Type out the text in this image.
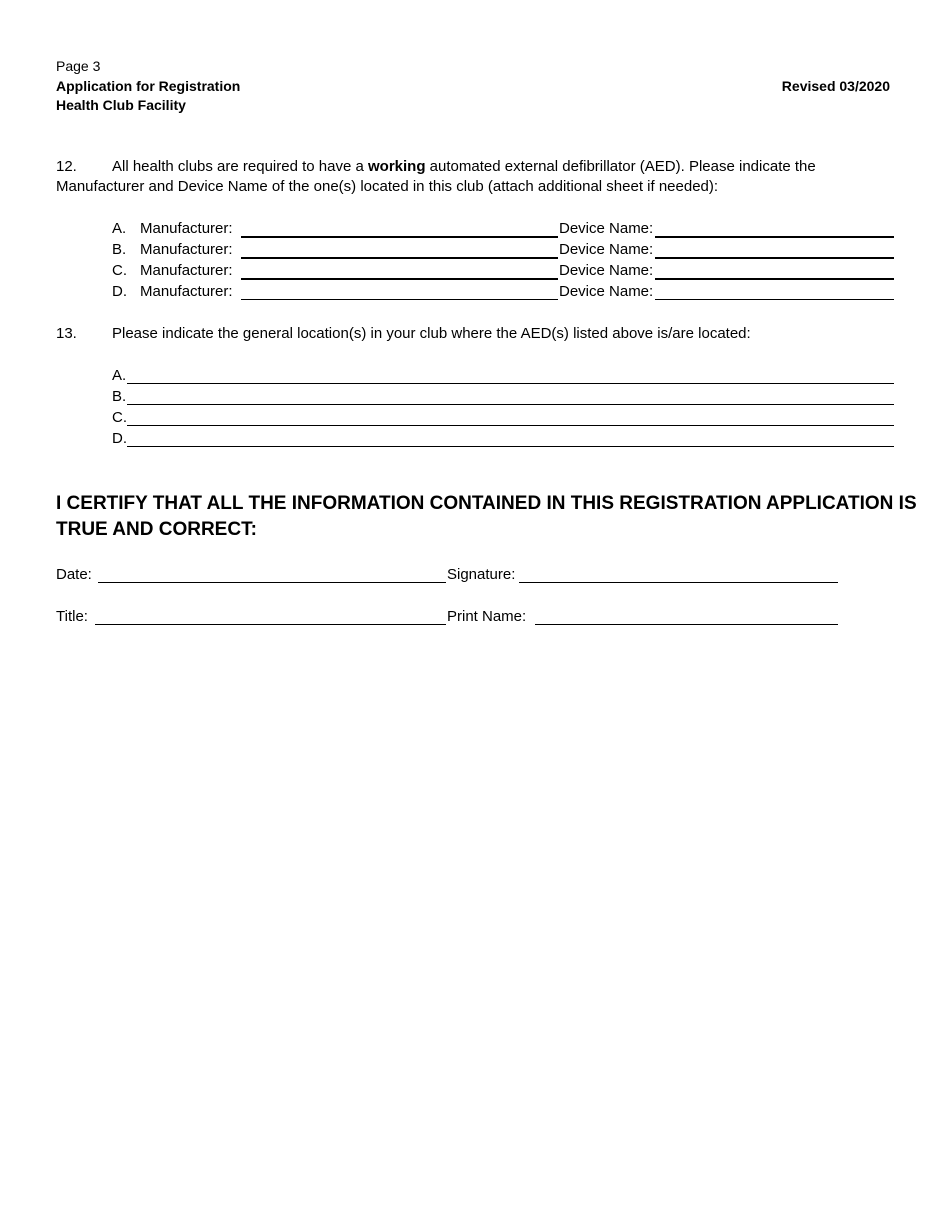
Page 3
Application for Registration
Health Club Facility
Revised 03/2020
12. All health clubs are required to have a working automated external defibrillator (AED). Please indicate the
Manufacturer and Device Name of the one(s) located in this club (attach additional sheet if needed):
A. Manufacturer:	Device Name:
B. Manufacturer:	Device Name:
C. Manufacturer:	Device Name:
D. Manufacturer:	Device Name:
13. Please indicate the general location(s) in your club where the AED(s) listed above is/are located:
A.
B.
C.
D.
I CERTIFY THAT ALL THE INFORMATION CONTAINED IN THIS REGISTRATION APPLICATION IS
TRUE AND CORRECT:
Date:	Signature:
Title:	Print Name:
